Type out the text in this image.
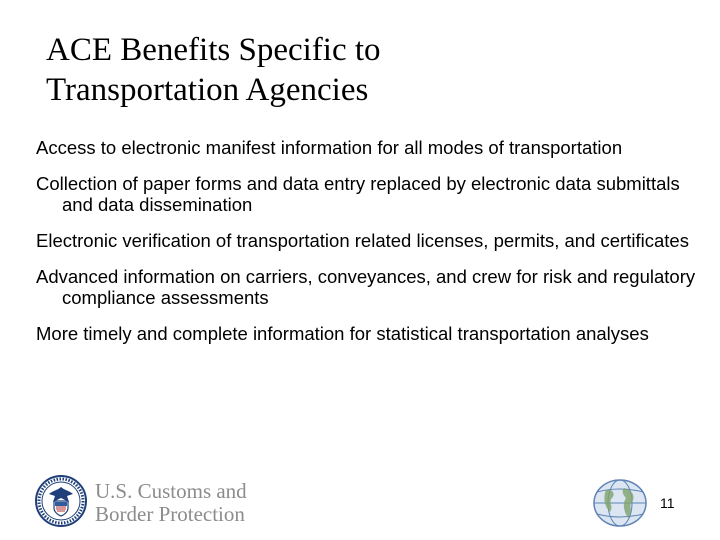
ACE Benefits Specific to
Transportation Agencies
Access to electronic manifest information for all modes of transportation
Collection of paper forms and data entry replaced by electronic data submittals and data dissemination
Electronic verification of transportation related licenses, permits, and certificates
Advanced information on carriers, conveyances, and crew for risk and regulatory compliance assessments
More timely and complete information for statistical transportation analyses
U.S. Customs and
Border Protection	11
